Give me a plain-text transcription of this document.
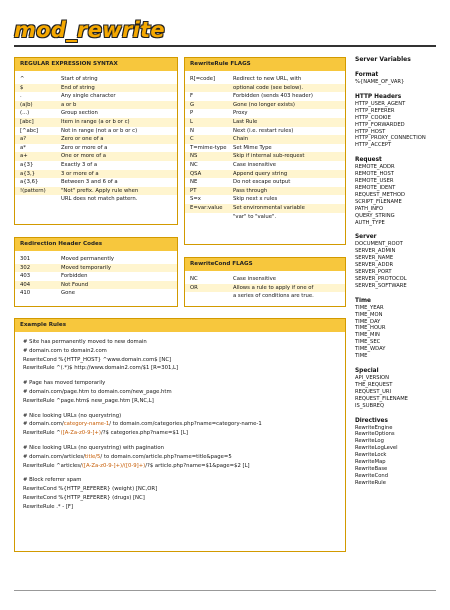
mod_rewrite
REGULAR EXPRESSION SYNTAX
^	Start of string
$	End of string
.	Any single character
(a|b)	a or b
(...)	Group section
[abc]	Item in range (a or b or c)
[^abc]	Not in range (not a or b or c)
a?	Zero or one of a
a*	Zero or more of a
a+	One or more of a
a{3}	Exactly 3 of a
a{3,}	3 or more of a
a{3,6}	Between 3 and 6 of a
!(pattern)	"Not" prefix. Apply rule when
URL does not match pattern.
RewriteRule FLAGS
R[=code]	Redirect to new URL, with
optional code (see below).
F	Forbidden (sends 403 header)
G	Gone (no longer exists)
P	Proxy
L	Last Rule
N	Next (i.e. restart rules)
C	Chain
T=mime-type	Set Mime Type
NS	Skip if internal sub-request
NC	Case insensitive
QSA	Append query string
NE	Do not escape output
PT	Pass through
S=x	Skip next x rules
E=var:value	Set environmental variable
"var" to "value".
Redirection Header Codes
301	Moved permanently
302	Moved temporarily
403	Forbidden
404	Not Found
410	Gone
RewriteCond FLAGS
NC	Case insensitive
OR	Allows a rule to apply if one of
a series of conditions are true.
Example Rules
# Site has permanently moved to new domain
# domain.com to domain2.com
RewriteCond %{HTTP_HOST} ^www.domain.com$ [NC]
RewriteRule ^(.*)$ http://www.domain2.com/$1 [R=301,L]
# Page has moved temporarily
# domain.com/page.htm to domain.com/new_page.htm
RewriteRule ^page.htm$ new_page.htm [R,NC,L]
# Nice looking URLs (no querystring)
# domain.com/category-name-1/ to domain.com/categories.php?name=category-name-1
RewriteRule ^([A-Za-z0-9-]+)/?$ categories.php?name=$1 [L]
# Nice looking URLs (no querystring) with pagination
# domain.com/articles/title/5/ to domain.com/article.php?name=title&page=5
RewriteRule ^articles/([A-Za-z0-9-]+)/([0-9]+)/?$ article.php?name=$1&page=$2 [L]
# Block referrer spam
RewriteCond %{HTTP_REFERER} (weight) [NC,OR]
RewriteCond %{HTTP_REFERER} (drugs) [NC]
RewriteRule .* - [F]
Server Variables
Format
%{NAME_OF_VAR}
HTTP Headers
HTTP_USER_AGENT
HTTP_REFERER
HTTP_COOKIE
HTTP_FORWARDED
HTTP_HOST
HTTP_PROXY_CONNECTION
HTTP_ACCEPT
Request
REMOTE_ADDR
REMOTE_HOST
REMOTE_USER
REMOTE_IDENT
REQUEST_METHOD
SCRIPT_FILENAME
PATH_INFO
QUERY_STRING
AUTH_TYPE
Server
DOCUMENT_ROOT
SERVER_ADMIN
SERVER_NAME
SERVER_ADDR
SERVER_PORT
SERVER_PROTOCOL
SERVER_SOFTWARE
Time
TIME_YEAR
TIME_MON
TIME_DAY
TIME_HOUR
TIME_MIN
TIME_SEC
TIME_WDAY
TIME
Special
API_VERSION
THE_REQUEST
REQUEST_URI
REQUEST_FILENAME
IS_SUBREQ
Directives
RewriteEngine
RewriteOptions
RewriteLog
RewriteLogLevel
RewriteLock
RewriteMap
RewriteBase
RewriteCond
RewriteRule
